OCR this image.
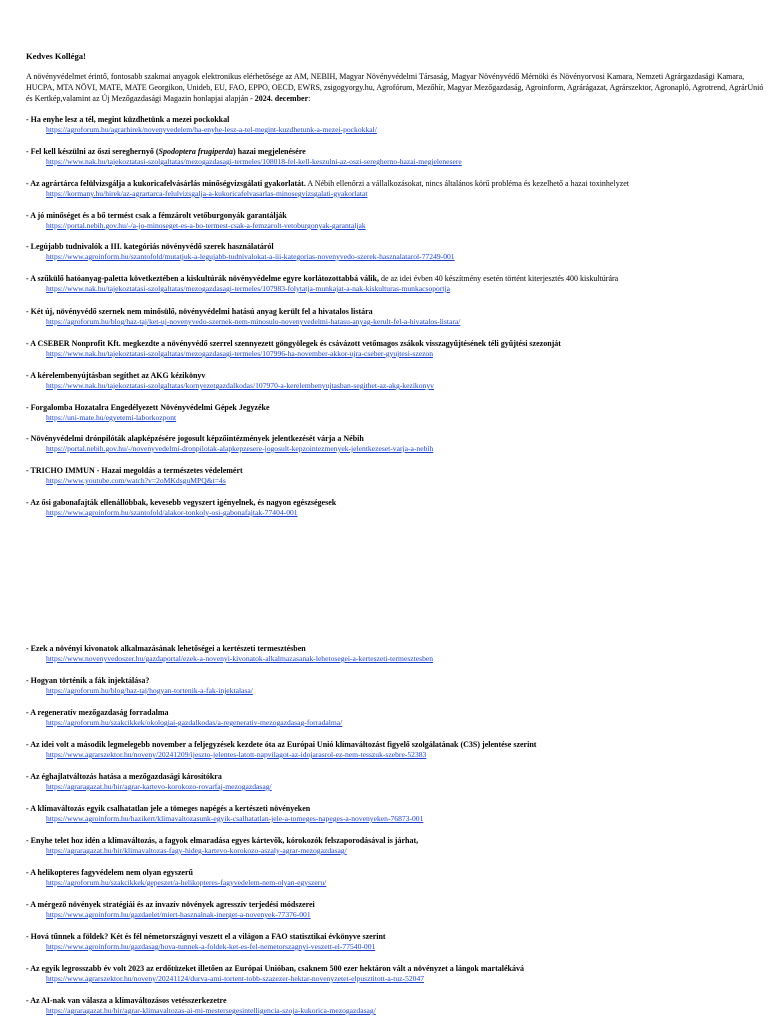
Kedves Kolléga!

A növényvédelmet érintő, fontosabb szakmai anyagok elektronikus elérhetősége az AM, NEBIH, Magyar Növényvédelmi Társaság, Magyar Növényvédő Mérnöki és Növényorvosi Kamara, Nemzeti Agrárgazdasági Kamara, HUCPA, MTA NÖVI, MATE, MATE Georgikon, Unideb, EU, FAO, EPPO, OECD, EWRS, zsigogyorgy.hu, Agrofórum, Mezőhír, Magyar Mezőgazdaság, Agroinform, Agrárágazat, Agrárszektor, Agronapló, Agrotrend, AgrárUnió és Kertkép,valamint az Új Mezőgazdasági Magazin honlapjai alapján - 2024. december:

- Ha enyhe lesz a tél, megint küzdhetünk a mezei pockokkal
https://agroforum.hu/agrarhirek/novenyvedelem/ha-enyhe-lesz-a-tel-megint-kuzdhetunk-a-mezei-pockokkal/
- Fel kell készülni az őszi sereghernyő (Spodoptera frugiperda) hazai megjelenésére
https://www.nak.hu/tajekoztatasi-szolgaltatas/mezogazdasagi-termeles/108018-fel-kell-keszulni-az-oszi-seregherno-hazai-megjelenesere
- Az agrártárca felülvizsgálja a kukoricafelvásárlás minőségvizsgálati gyakorlatát. A Nébih ellenőrzi a vállalkozásokat, nincs általános körű probléma és kezelhető a hazai toxinhelyzet
https://kormany.hu/hirek/az-agrartarca-felulvizsgalja-a-kukoricafelvasarlas-minosegvizsgalati-gyakorlatat
- A jó minőséget és a bő termést csak a fémzárolt vetőburgonyák garantálják
https://portal.nebih.gov.hu/-/a-jo-minoseget-es-a-bo-termest-csak-a-femzarolt-vetoburgonyak-garantaljak
- Legújabb tudnivalók a III. kategóriás növényvédő szerek használatáról
https://www.agroinform.hu/szantofold/mutatjuk-a-legujabb-tudnivalokat-a-iii-kategorias-novenyvedo-szerek-hasznalatarol-77249-001
- A szűkülő hatóanyag-paletta következtében a kiskultúrák növényvédelme egyre korlátozottabbá válik, de az idei évben 40 készítmény esetén történt kiterjesztés 400 kiskultúrára
https://www.nak.hu/tajekoztatasi-szolgaltatas/mezogazdasagi-termeles/107983-folytatja-munkajat-a-nak-kiskulturas-munkacsoportja
- Két új, növényvédő szernek nem minősülő, növényvédelmi hatású anyag került fel a hivatalos listára
https://agroforum.hu/blog/haz-taj/ket-uj-novenyvedo-szernek-nem-minosulo-novenyvedelmi-hatasu-anyag-kerult-fel-a-hivatalos-listara/
- A CSEBER Nonprofit Kft. megkezdte a növényvédő szerrel szennyezett göngyölegek és csávázott vetőmagos zsákok visszagyűjtésének téli gyűjtési szezonját
https://www.nak.hu/tajekoztatasi-szolgaltatas/mezogazdasagi-termeles/107996-ha-november-akkor-ujra-cseber-gyujtesi-szezon
- A kérelembenyújtásban segíthet az AKG kézikönyv
https://www.nak.hu/tajekoztatasi-szolgaltatas/kornyezetgazdalkodas/107970-a-kerelembenyujtasban-segithet-az-akg-kezikonyv
- Forgalomba Hozatalra Engedélyezett Növényvédelmi Gépek Jegyzéke
https://uni-mate.hu/egyetemi-laborkozpont
- Növényvédelmi drónpilóták alapképzésére jogosult képzőintézmények jelentkezését várja a Nébih
https://portal.nebih.gov.hu/-/novenyvedelmi-dronpilotak-alapkepzesere-jogosult-kepzointezmenyek-jelentkezeset-varja-a-nebih
- TRICHO IMMUN - Hazai megoldás a természetes védelemért
https://www.youtube.com/watch?v=2oMKdsguMPQ&t=4s
- Az ősi gabonafajták ellenállóbbak, kevesebb vegyszert igényelnek, és nagyon egészségesek
https://www.agroinform.hu/szantofold/alakor-tonkoly-osi-gabonafajtak-77404-001
- Ezek a növényi kivonatok alkalmazásának lehetőségei a kertészeti termesztésben
https://www.novenyvedoszer.hu/gazdaportal/ezek-a-novenyi-kivonatok-alkalmazasanak-lehetosegei-a-kerteszeti-termesztesben
- Hogyan történik a fák injektálása?
https://agroforum.hu/blog/haz-taj/hogyan-tortenik-a-fak-injektalasa/
- A regeneratív mezőgazdaság forradalma
https://agroforum.hu/szakcikkek/okologiai-gazdalkodas/a-regenerativ-mezogazdasag-forradalma/
- Az idei volt a második legmelegebb november a feljegyzések kezdete óta az Európai Unió klímaváltozást figyelő szolgálatának (C3S) jelentése szerint
https://www.agrarszektor.hu/noveny/20241209/ijeszto-jelentes-latott-napvilagot-az-idojarasrol-ez-nem-tesszuk-szebre-52383
- Az éghajlatváltozás hatása a mezőgazdasági károsítókra
https://agraragazat.hu/hir/agrar-kartevo-korokozo-rovarfaj-mezogazdasag/
- A klímaváltozás egyik csalhatatlan jele a tömeges napégés a kertészeti növényeken
https://www.agroinform.hu/hazikert/klimavaltozasunk-egyik-csalhatatlan-jele-a-tomeges-napeges-a-novenyeken-76873-001
- Enyhe telet hoz idén a klímaváltozás, a fagyok elmaradása egyes kártevők, kórokozók felszaporodásával is járhat,
https://agraragazat.hu/hir/klimavaltozas-fagy-hideg-kartevo-korokozo-aszaly-agrar-mezogazdasag/
- A helikopteres fagyvédelem nem olyan egyszerű
https://agroforum.hu/szakcikkek/gepeszet/a-helikopteres-fagyvedelem-nem-olyan-egyszeru/
- A mérgező növények stratégiái és az invazív növények agresszív terjedési módszerei
https://www.agroinform.hu/gazdaelet/miert-hasznalnak-inerget-a-novenyek-77376-001
- Hová tűnnek a földek? Két és fél németországnyi veszett el a világon a FAO statisztikai évkönyve szerint
https://www.agroinform.hu/gazdasag/hova-tunnek-a-foldek-ket-es-fel-nemetorszagnyi-veszett-el-77540-001
- Az egyik legrosszabb év volt 2023 az erdőtüzeket illetően az Európai Unióban, csaknem 500 ezer hektáron vált a növényzet a lángok martalékává
https://www.agrarszektor.hu/noveny/20241124/durva-ami-tortent-tobb-szazezer-hektar-novenyzetet-elpusztitott-a-tuz-52047
- Az AI-nak van válasza a klímaváltozásos vetésszerkezetre
https://agraragazat.hu/hir/agrar-klimavaltozas-ai-mi-mestersegesintelligencia-szoja-kukorica-mezogazdasag/
